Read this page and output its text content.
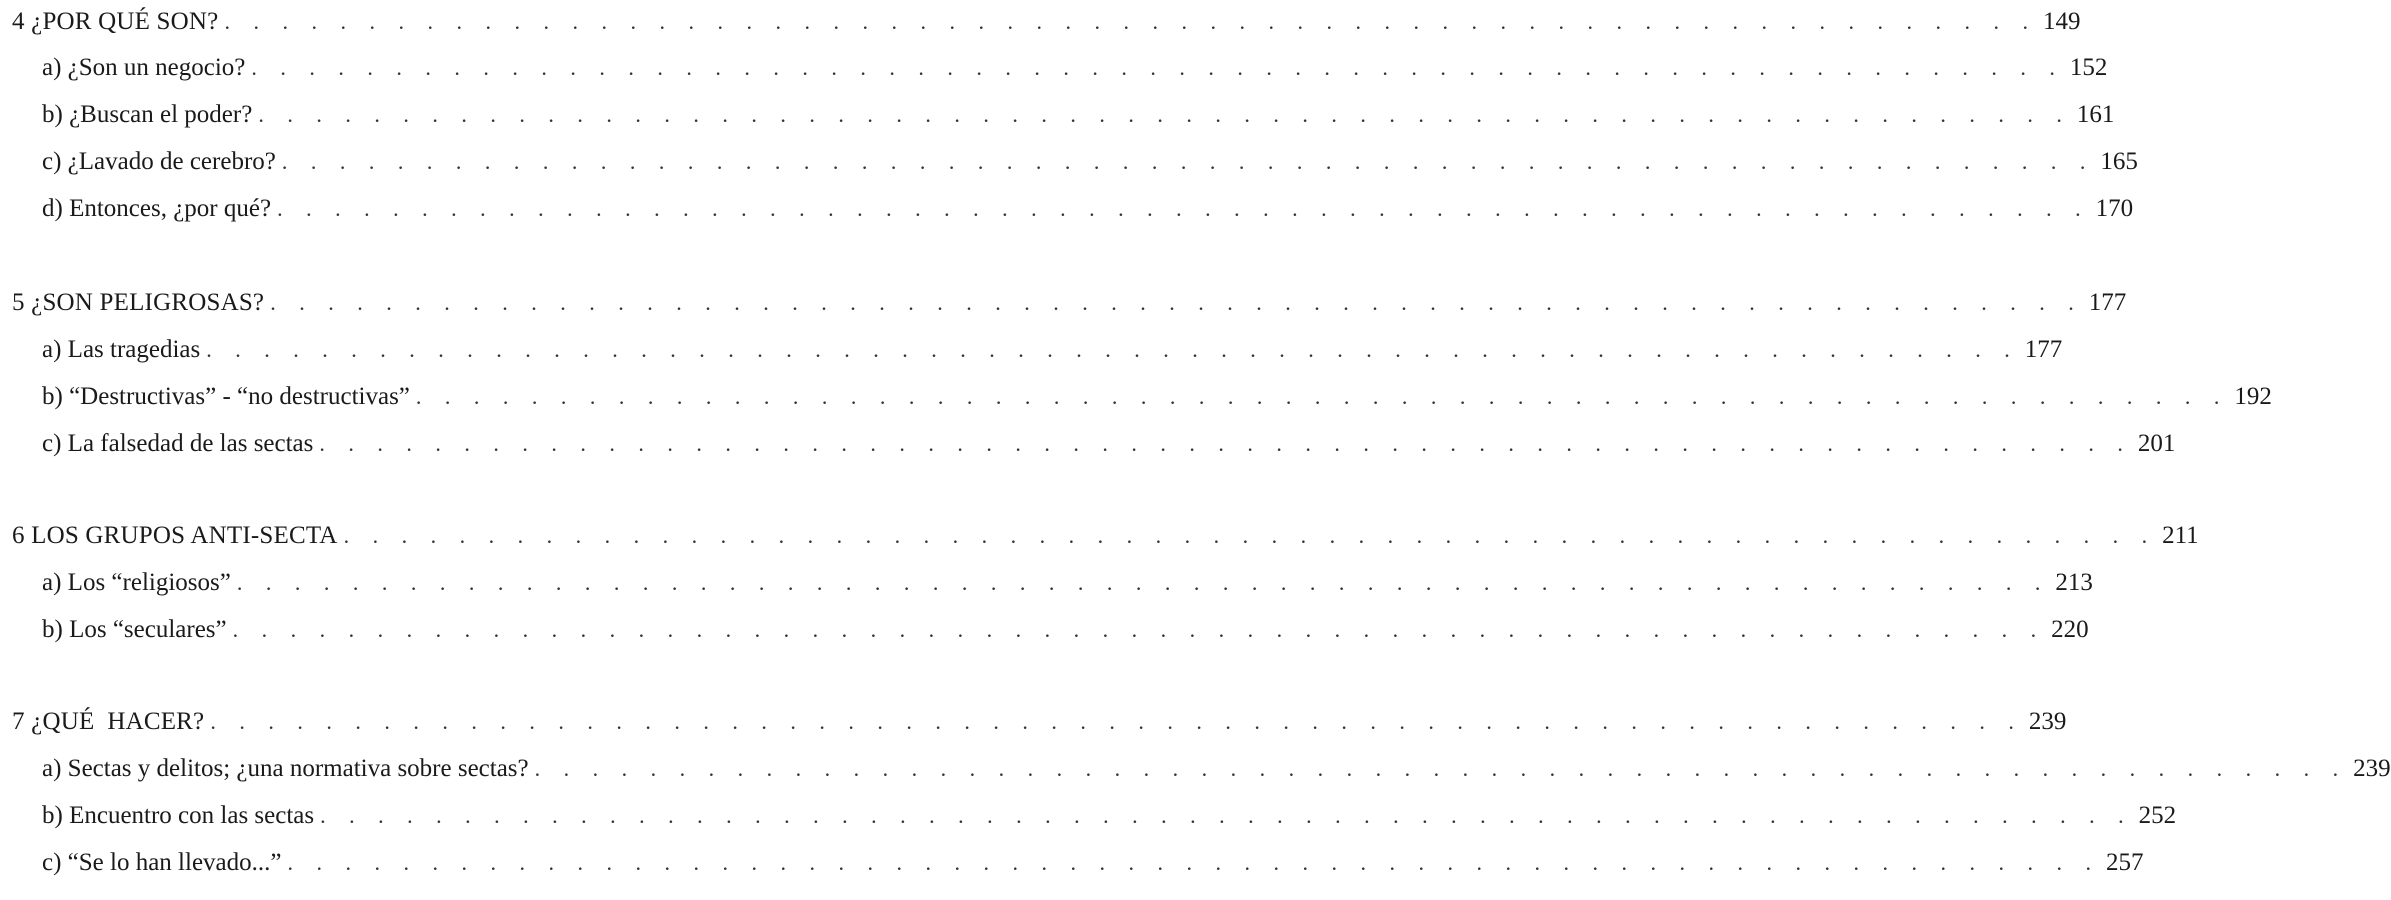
4 ¿POR QUÉ SON? . . . . . . . . . . . . . . . . . . . . . . . . . . . . . . . . . . . . . . . . . . . . . . . . . . . . . . . . . . . . . . . 149
a) ¿Son un negocio? . . . . . . . . . . . . . . . . . . . . . . . . . . . . . . . . . . . . . . . . . . . . . . . . . . . . . . . . . . . . . . . 152
b) ¿Buscan el poder? . . . . . . . . . . . . . . . . . . . . . . . . . . . . . . . . . . . . . . . . . . . . . . . . . . . . . . . . . . . . . . . 161
c) ¿Lavado de cerebro? . . . . . . . . . . . . . . . . . . . . . . . . . . . . . . . . . . . . . . . . . . . . . . . . . . . . . . . . . . . . . . . 165
d) Entonces, ¿por qué? . . . . . . . . . . . . . . . . . . . . . . . . . . . . . . . . . . . . . . . . . . . . . . . . . . . . . . . . . . . . . . . 170
5 ¿SON PELIGROSAS? . . . . . . . . . . . . . . . . . . . . . . . . . . . . . . . . . . . . . . . . . . . . . . . . . . . . . . . . . . . . . . . 177
a) Las tragedias . . . . . . . . . . . . . . . . . . . . . . . . . . . . . . . . . . . . . . . . . . . . . . . . . . . . . . . . . . . . . . . 177
b) “Destructivas” - “no destructivas” . . . . . . . . . . . . . . . . . . . . . . . . . . . . . . . . . . . . . . . . . . . . . . . . . . . . . . . . . . . . . . . 192
c) La falsedad de las sectas . . . . . . . . . . . . . . . . . . . . . . . . . . . . . . . . . . . . . . . . . . . . . . . . . . . . . . . . . . . . . . . 201
6 LOS GRUPOS ANTI-SECTA . . . . . . . . . . . . . . . . . . . . . . . . . . . . . . . . . . . . . . . . . . . . . . . . . . . . . . . . . . . . . . . 211
a) Los “religiosos” . . . . . . . . . . . . . . . . . . . . . . . . . . . . . . . . . . . . . . . . . . . . . . . . . . . . . . . . . . . . . . . 213
b) Los “seculares” . . . . . . . . . . . . . . . . . . . . . . . . . . . . . . . . . . . . . . . . . . . . . . . . . . . . . . . . . . . . . . . 220
7 ¿QUÉ  HACER? . . . . . . . . . . . . . . . . . . . . . . . . . . . . . . . . . . . . . . . . . . . . . . . . . . . . . . . . . . . . . . . 239
a) Sectas y delitos; ¿una normativa sobre sectas? . . . . . . . . . . . . . . . . . . . . . . . . . . . . . . . . . . . . . . . . . . . . . . . . . . . . . . . . . . . . . . . 239
b) Encuentro con las sectas . . . . . . . . . . . . . . . . . . . . . . . . . . . . . . . . . . . . . . . . . . . . . . . . . . . . . . . . . . . . . . . 252
c) “Se lo han llevado...” . . . . . . . . . . . . . . . . . . . . . . . . . . . . . . . . . . . . . . . . . . . . . . . . . . . . . . . . . . . . . . . 257
